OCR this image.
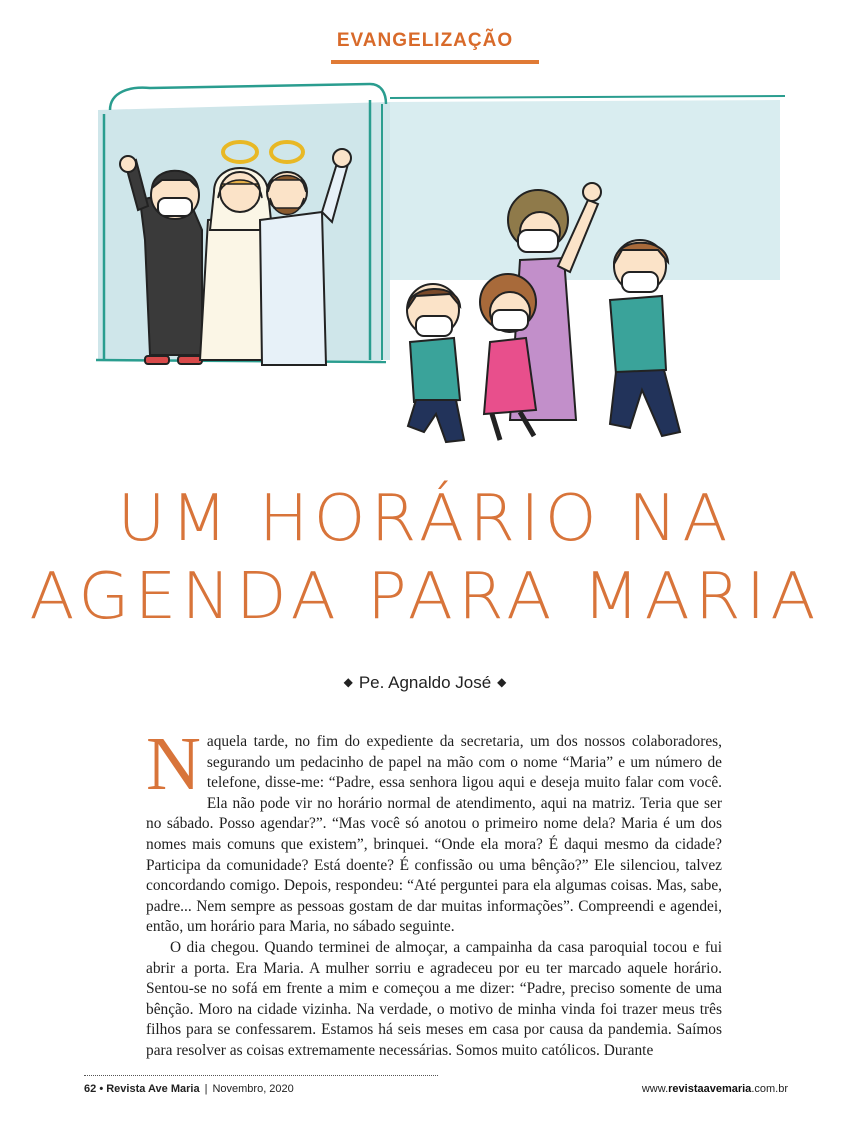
EVANGELIZAÇÃO
UM HORÁRIO NA
AGENDA PARA MARIA
◆ Pe. Agnaldo José ◆

Naquela tarde, no fim do expediente da secretaria, um dos nossos colaboradores, segurando um pedacinho de papel na mão com o nome “Maria” e um número de telefone, disse-me: “Padre, essa senhora ligou aqui e deseja muito falar com você. Ela não pode vir no horário normal de atendimento, aqui na matriz. Teria que ser no sábado. Posso agendar?”. “Mas você só anotou o primeiro nome dela? Maria é um dos nomes mais comuns que existem”, brinquei. “Onde ela mora? É daqui mesmo da cidade? Participa da comunidade? Está doente? É confissão ou uma bênção?” Ele silenciou, talvez concordando comigo. Depois, respondeu: “Até perguntei para ela algumas coisas. Mas, sabe, padre... Nem sempre as pessoas gostam de dar muitas informações”. Compreendi e agendei, então, um horário para Maria, no sábado seguinte.

O dia chegou. Quando terminei de almoçar, a campainha da casa paroquial tocou e fui abrir a porta. Era Maria. A mulher sorriu e agradeceu por eu ter marcado aquele horário. Sentou-se no sofá em frente a mim e começou a me dizer: “Padre, preciso somente de uma bênção. Moro na cidade vizinha. Na verdade, o motivo de minha vinda foi trazer meus três filhos para se confessarem. Estamos há seis meses em casa por causa da pandemia. Saímos para resolver as coisas extremamente necessárias. Somos muito católicos. Durante

62 • Revista Ave Maria | Novembro, 2020	www.revistaavemaria.com.br
